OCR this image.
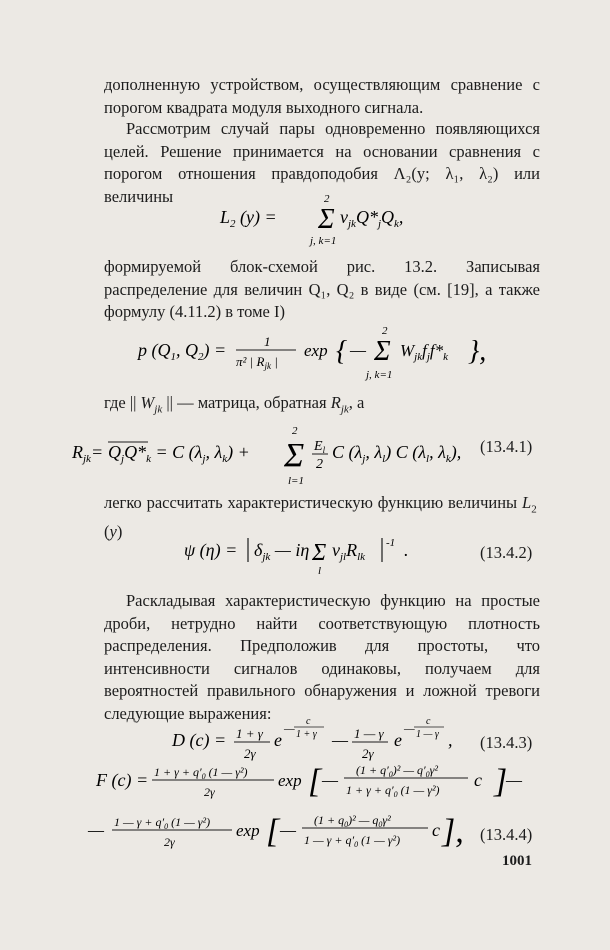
дополненную устройством, осуществляющим сравнение с порогом квадрата модуля выходного сигнала.

Рассмотрим случай пары одновременно появляющихся целей. Решение принимается на основании сравнения с порогом отношения правдоподобия Λ₂(y; λ₁, λ₂) или величины

$L_2$ (y) =
2
Σ
j, k=1
$v_{jk}Q*_jQ_k$,

формируемой блок-схемой рис. 13.2. Записывая распределение для величин Q₁, Q₂ в виде (см. [19], а также формулу (4.11.2) в томе I)

p ($Q_1$, $Q_2$) =	1
π² | $R_{jk}$ |
exp { —
2
Σ
j, k=1
$W_{jk}f_jf*_k$ },

где || $W_{jk}$ || — матрица, обратная $R_{jk}$, а

$R_{jk}= Q_jQ*_k = C$ ($\lambda_j$, $\lambda_k$) +
2
Σ
l=1
$E_l$
2
C ($\lambda_j$, $\lambda_l$) C ($\lambda_l$, $\lambda_k$), (13.4.1)

легко рассчитать характеристическую функцию величины $L_2$ (y)

ψ $(\eta) = \delta_{jk}$ — iη Σ
l
$v_{jl}R_{lk}$
-1 .	(13.4.2)

Раскладывая характеристическую функцию на простые дроби, нетрудно найти соответствующую плотность распределения. Предположив для простоты, что интенсивности сигналов одинаковы, получаем для вероятностей правильного обнаружения и ложной тревоги следующие выражения:

D (c) = 1 + γ
2γ
e
— c
1 + γ — 1 — γ
2γ
e
— c
1 — γ , (13.4.3)
F $(c) = 1 + \gamma + q'_0$ (1 — γ²)
2γ
exp [ — $(1 + q'_0)^2$ — $q'_0\gamma^2$
$1 + \gamma + q'_0$ (1 — γ²) c ]
—
— 1 — $\gamma + q'_0$ (1 — γ²)
2γ
exp [ — $(1 + q_0)^2$ — $q_0\gamma^2$
1 — $\gamma + q'_0$ (1 — γ²) c ], (13.4.4)
1001
